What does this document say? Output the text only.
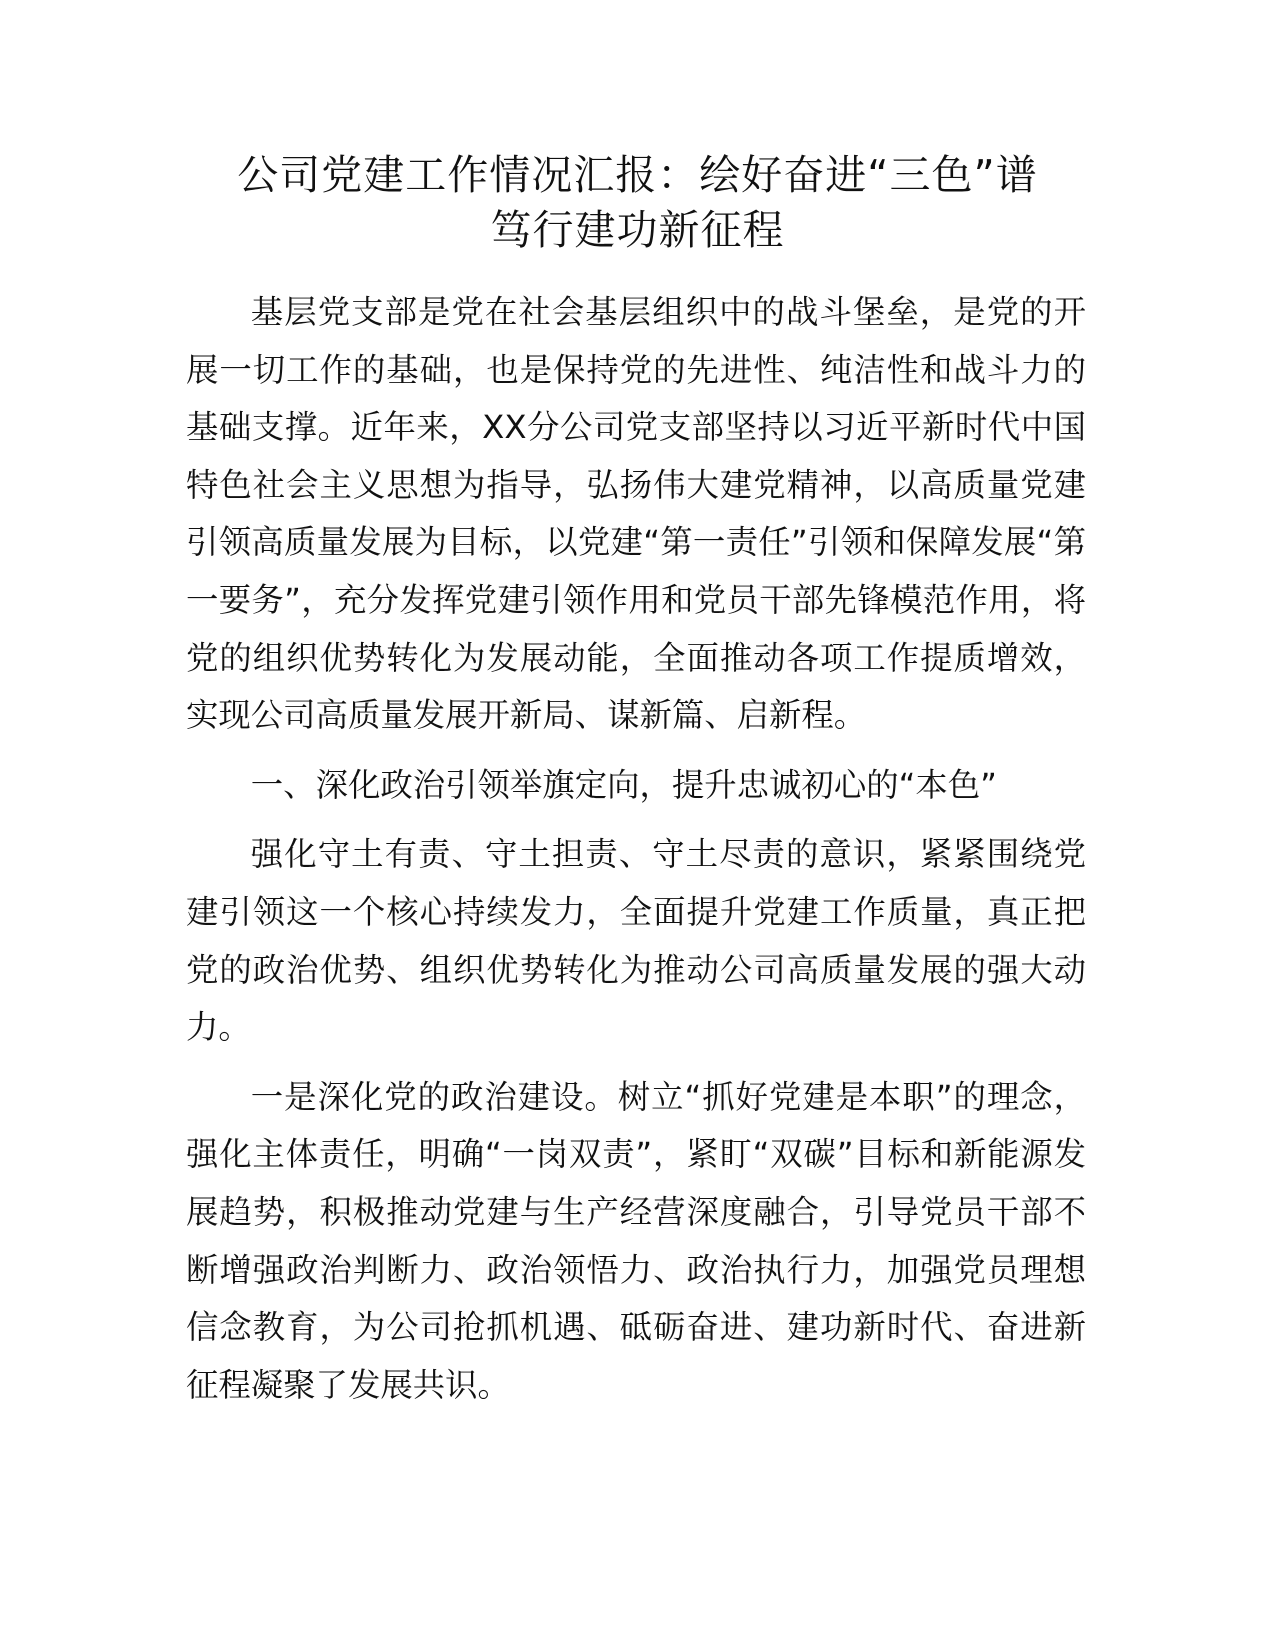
公司党建工作情况汇报：绘好奋进“三色”谱
笃行建功新征程

基层党支部是党在社会基层组织中的战斗堡垒，是党的开展一切工作的基础，也是保持党的先进性、纯洁性和战斗力的基础支撑。近年来，XX分公司党支部坚持以习近平新时代中国特色社会主义思想为指导，弘扬伟大建党精神，以高质量党建引领高质量发展为目标，以党建“第一责任”引领和保障发展“第一要务”，充分发挥党建引领作用和党员干部先锋模范作用，将党的组织优势转化为发展动能，全面推动各项工作提质增效，实现公司高质量发展开新局、谋新篇、启新程。

一、深化政治引领举旗定向，提升忠诚初心的“本色”

强化守土有责、守土担责、守土尽责的意识，紧紧围绕党建引领这一个核心持续发力，全面提升党建工作质量，真正把党的政治优势、组织优势转化为推动公司高质量发展的强大动力。

一是深化党的政治建设。树立“抓好党建是本职”的理念，强化主体责任，明确“一岗双责”，紧盯“双碳”目标和新能源发展趋势，积极推动党建与生产经营深度融合，引导党员干部不断增强政治判断力、政治领悟力、政治执行力，加强党员理想信念教育，为公司抢抓机遇、砥砺奋进、建功新时代、奋进新征程凝聚了发展共识。
